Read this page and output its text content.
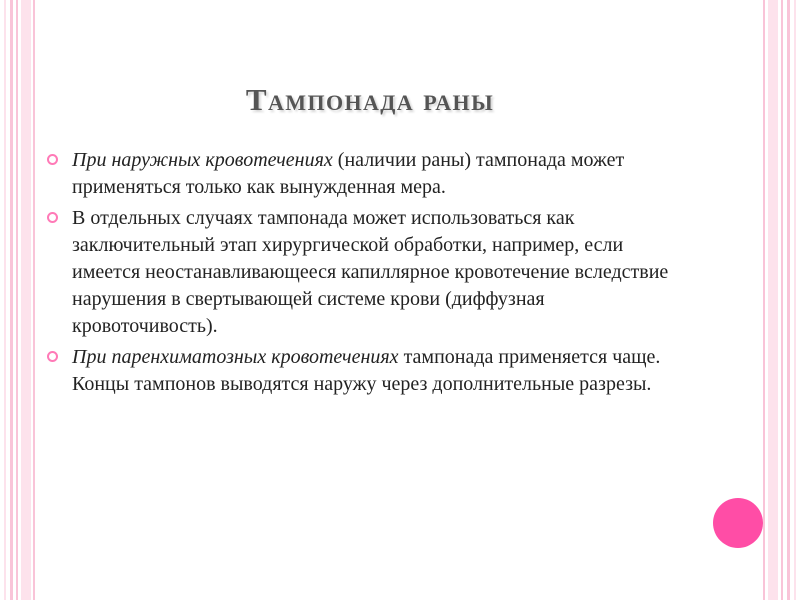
Тампонада раны
При наружных кровотечениях (наличии раны) тампонада может применяться только как вынужденная мера.
В отдельных случаях тампонада может использоваться как заключительный этап хирургической обработки, например, если имеется неостанавливающееся капиллярное кровотечение вследствие нарушения в свертывающей системе крови (диффузная кровоточивость).
При паренхиматозных кровотечениях тампонада применяется чаще. Концы тампонов выводятся наружу через дополнительные разрезы.
